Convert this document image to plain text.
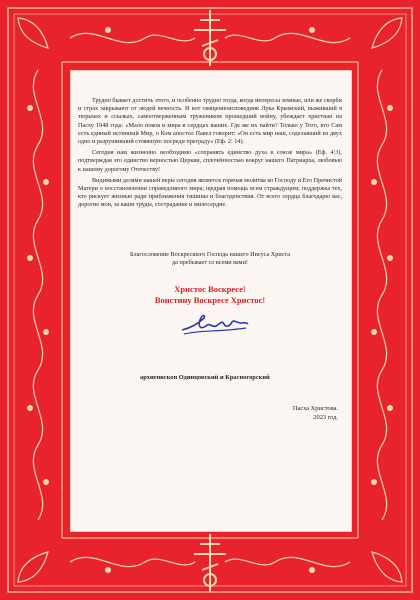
Трудно бывает достичь этого, и особенно трудно тогда, когда интересы земные, или же скорби и страх закрывают от людей вечность. И вот священноисповедник Лука Крымский, выживший в тюрьмах и ссылках, самоотверженным тружеником прошедший войну, убеждает христиан на Пасху 1948 года: «Мало покоя и мира в сердцах ваших. Где же их найти? Только у Того, кто Сам есть единый истинный Мир, о Ком апостол Павел говорит: «Он есть мир наш, соделавший из двух одно и разрушивший стоявшую посреди преграду» (Еф. 2: 14).

Сегодня нам жизненно необходимо «сохранять единство духа в союзе мира» (Еф. 4:3), подтверждая это единство верностью Церкви, сплочённостью вокруг нашего Патриарха, любовью к нашему дорогому Отечеству!

Видимыми делами нашей веры сегодня является горячая молитва ко Господу и Его Пречистой Матери о восстановлении справедливого мира; щедрая помощь всем страждущим; поддержка тех, кто рискует жизнью ради приближения тишины и благоденствия. От всего сердца благодарю вас, дорогие мои, за ваши труды, сострадание и милосердие.

Благословение Воскресшего Господа нашего Иисуса Христа
да пребывает со всеми вами!
Христос Воскресе!
Воистину Воскресе Христос!
архиепископ Одинцовский и Красногорский
Пасха Христова.
2023 год.
